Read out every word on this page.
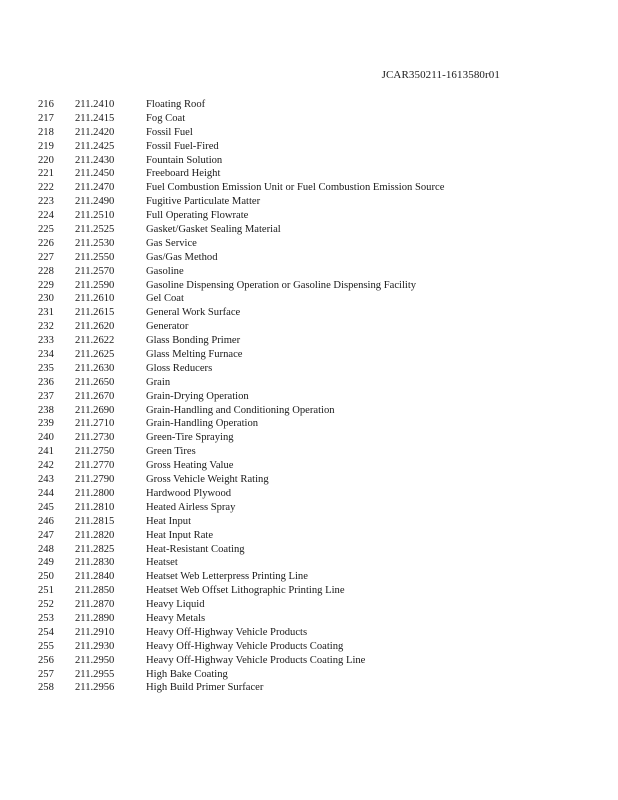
JCAR350211-1613580r01
216 211.2410	Floating Roof
217 211.2415	Fog Coat
218 211.2420	Fossil Fuel
219 211.2425	Fossil Fuel-Fired
220 211.2430	Fountain Solution
221 211.2450	Freeboard Height
222 211.2470	Fuel Combustion Emission Unit or Fuel Combustion Emission Source
223 211.2490	Fugitive Particulate Matter
224 211.2510	Full Operating Flowrate
225 211.2525	Gasket/Gasket Sealing Material
226 211.2530	Gas Service
227 211.2550	Gas/Gas Method
228 211.2570	Gasoline
229 211.2590	Gasoline Dispensing Operation or Gasoline Dispensing Facility
230 211.2610	Gel Coat
231 211.2615	General Work Surface
232 211.2620	Generator
233 211.2622	Glass Bonding Primer
234 211.2625	Glass Melting Furnace
235 211.2630	Gloss Reducers
236 211.2650	Grain
237 211.2670	Grain-Drying Operation
238 211.2690	Grain-Handling and Conditioning Operation
239 211.2710	Grain-Handling Operation
240 211.2730	Green-Tire Spraying
241 211.2750	Green Tires
242 211.2770	Gross Heating Value
243 211.2790	Gross Vehicle Weight Rating
244 211.2800	Hardwood Plywood
245 211.2810	Heated Airless Spray
246 211.2815	Heat Input
247 211.2820	Heat Input Rate
248 211.2825	Heat-Resistant Coating
249 211.2830	Heatset
250 211.2840	Heatset Web Letterpress Printing Line
251 211.2850	Heatset Web Offset Lithographic Printing Line
252 211.2870	Heavy Liquid
253 211.2890	Heavy Metals
254 211.2910	Heavy Off-Highway Vehicle Products
255 211.2930	Heavy Off-Highway Vehicle Products Coating
256 211.2950	Heavy Off-Highway Vehicle Products Coating Line
257 211.2955	High Bake Coating
258 211.2956	High Build Primer Surfacer
